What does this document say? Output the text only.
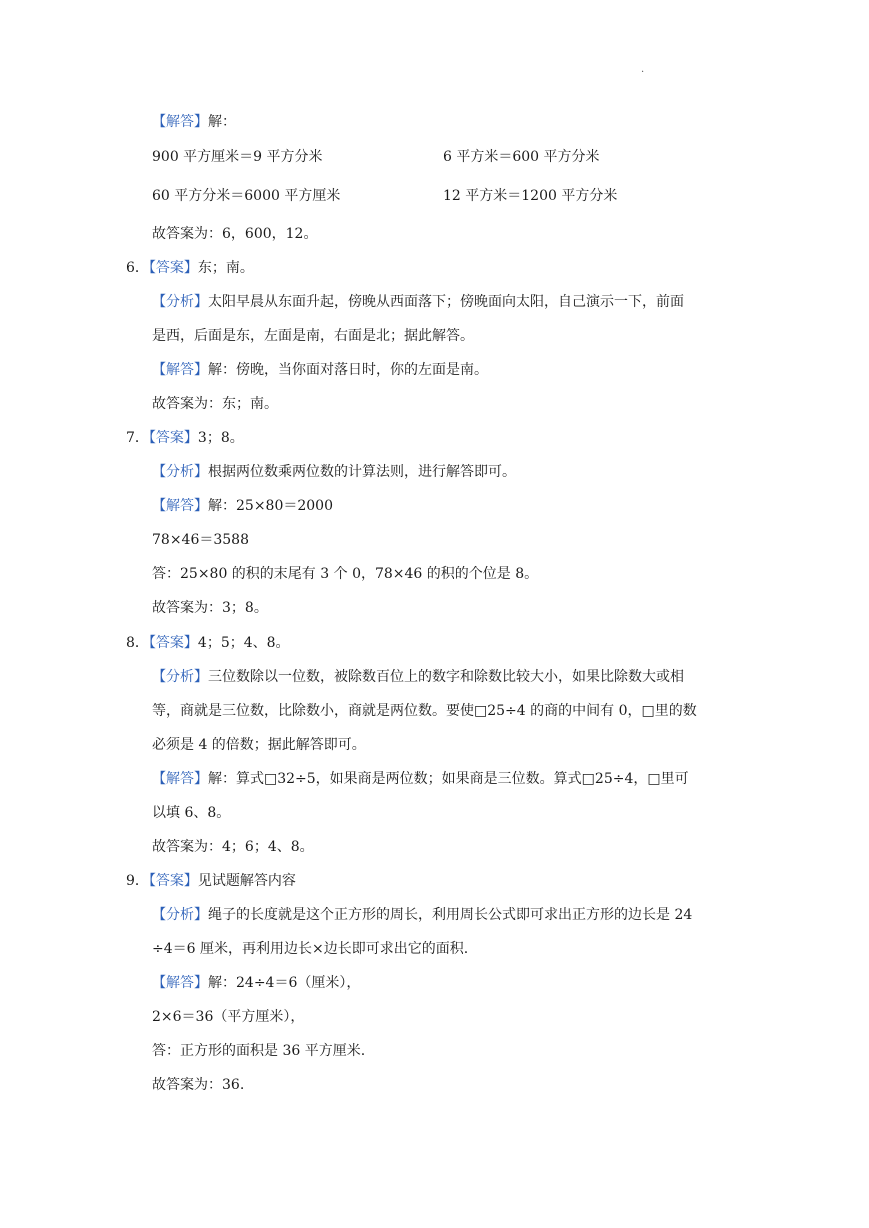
.
【解答】解：
900 平方厘米＝9 平方分米	6 平方米＝600 平方分米
60 平方分米＝6000 平方厘米	12 平方米＝1200 平方分米
故答案为：6，600，12。
6．【答案】东；南。
【分析】太阳早晨从东面升起，傍晚从西面落下；傍晚面向太阳，自己演示一下，前面
是西，后面是东，左面是南，右面是北；据此解答。
【解答】解：傍晚，当你面对落日时，你的左面是南。
故答案为：东；南。
7．【答案】3；8。
【分析】根据两位数乘两位数的计算法则，进行解答即可。
【解答】解：25×80＝2000
78×46＝3588
答：25×80 的积的末尾有 3 个 0，78×46 的积的个位是 8。
故答案为：3；8。
8．【答案】4；5；4、8。
【分析】三位数除以一位数，被除数百位上的数字和除数比较大小，如果比除数大或相
等，商就是三位数，比除数小，商就是两位数。要使□25÷4 的商的中间有 0，□里的数
必须是 4 的倍数；据此解答即可。
【解答】解：算式□32÷5，如果商是两位数；如果商是三位数。算式□25÷4，□里可
以填 6、8。
故答案为：4；6；4、8。
9．【答案】见试题解答内容
【分析】绳子的长度就是这个正方形的周长，利用周长公式即可求出正方形的边长是 24
÷4＝6 厘米，再利用边长×边长即可求出它的面积.
【解答】解：24÷4＝6（厘米），
2×6＝36（平方厘米），
答：正方形的面积是 36 平方厘米.
故答案为：36.
